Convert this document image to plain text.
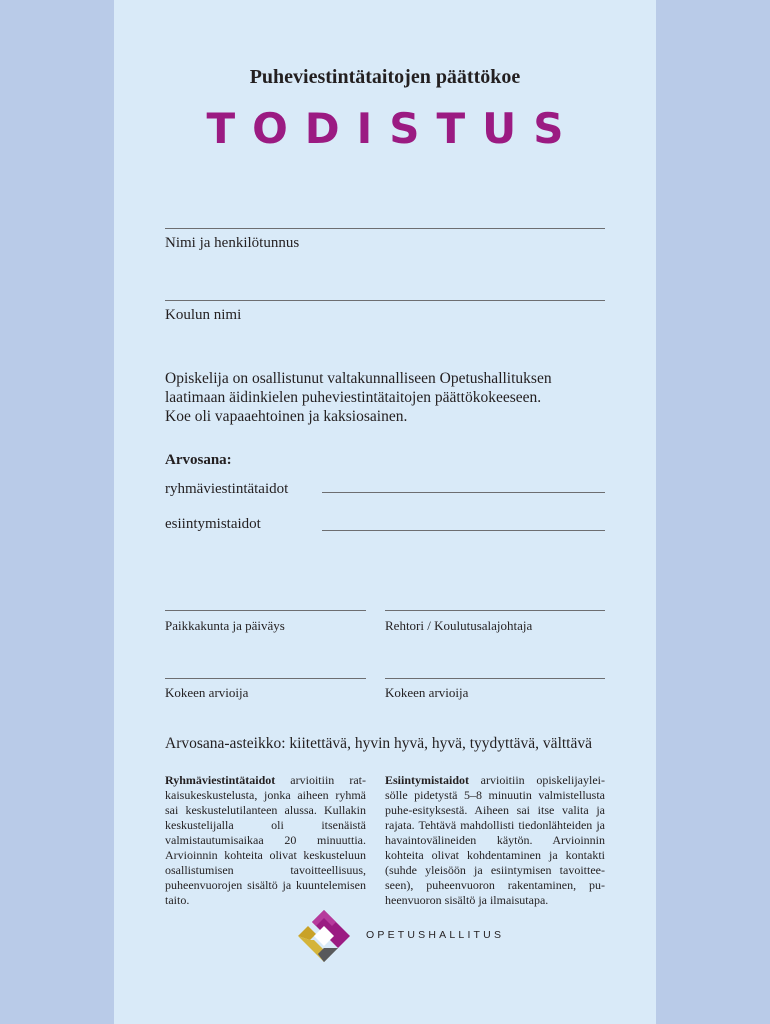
Puheviestintätaitojen päättökoe
TODISTUS
Nimi ja henkilötunnus
Koulun nimi
Opiskelija on osallistunut valtakunnalliseen Opetushallituksen
laatimaan äidinkielen puheviestintätaitojen päättökokeeseen.
Koe oli vapaaehtoinen ja kaksiosainen.
Arvosana:
ryhmäviestintätaidot
esiintymistaidot
Paikkakunta ja päiväys	Rehtori / Koulutusalajohtaja
Kokeen arvioija	Kokeen arvioija
Arvosana-asteikko: kiitettävä, hyvin hyvä, hyvä, tyydyttävä, välttävä
Ryhmäviestintätaidot arvioitiin ratkaisukeskustelusta, jonka aiheen ryhmä sai keskustelutilanteen alussa. Kullakin keskustelijalla oli itsenäistä valmistautumisaikaa 20 minuuttia. Arvioinnin kohteita olivat keskusteluun osallistumisen tavoitteellisuus, puheenvuorojen sisältö ja kuuntelemisen taito.
Esiintymistaidot arvioitiin opiskelijayleisölle pidetystä 5–8 minuutin valmistellusta puhe-esityksestä. Aiheen sai itse valita ja rajata. Tehtävä mahdollisti tiedonlähteiden ja havaintovälineiden käytön. Arvioinnin kohteita olivat kohdentaminen ja kontakti (suhde yleisöön ja esiintymisen tavoitteeseen), puheenvuoron rakentaminen, puheenvuoron sisältö ja ilmaisutapa.
OPETUSHALLITUS
